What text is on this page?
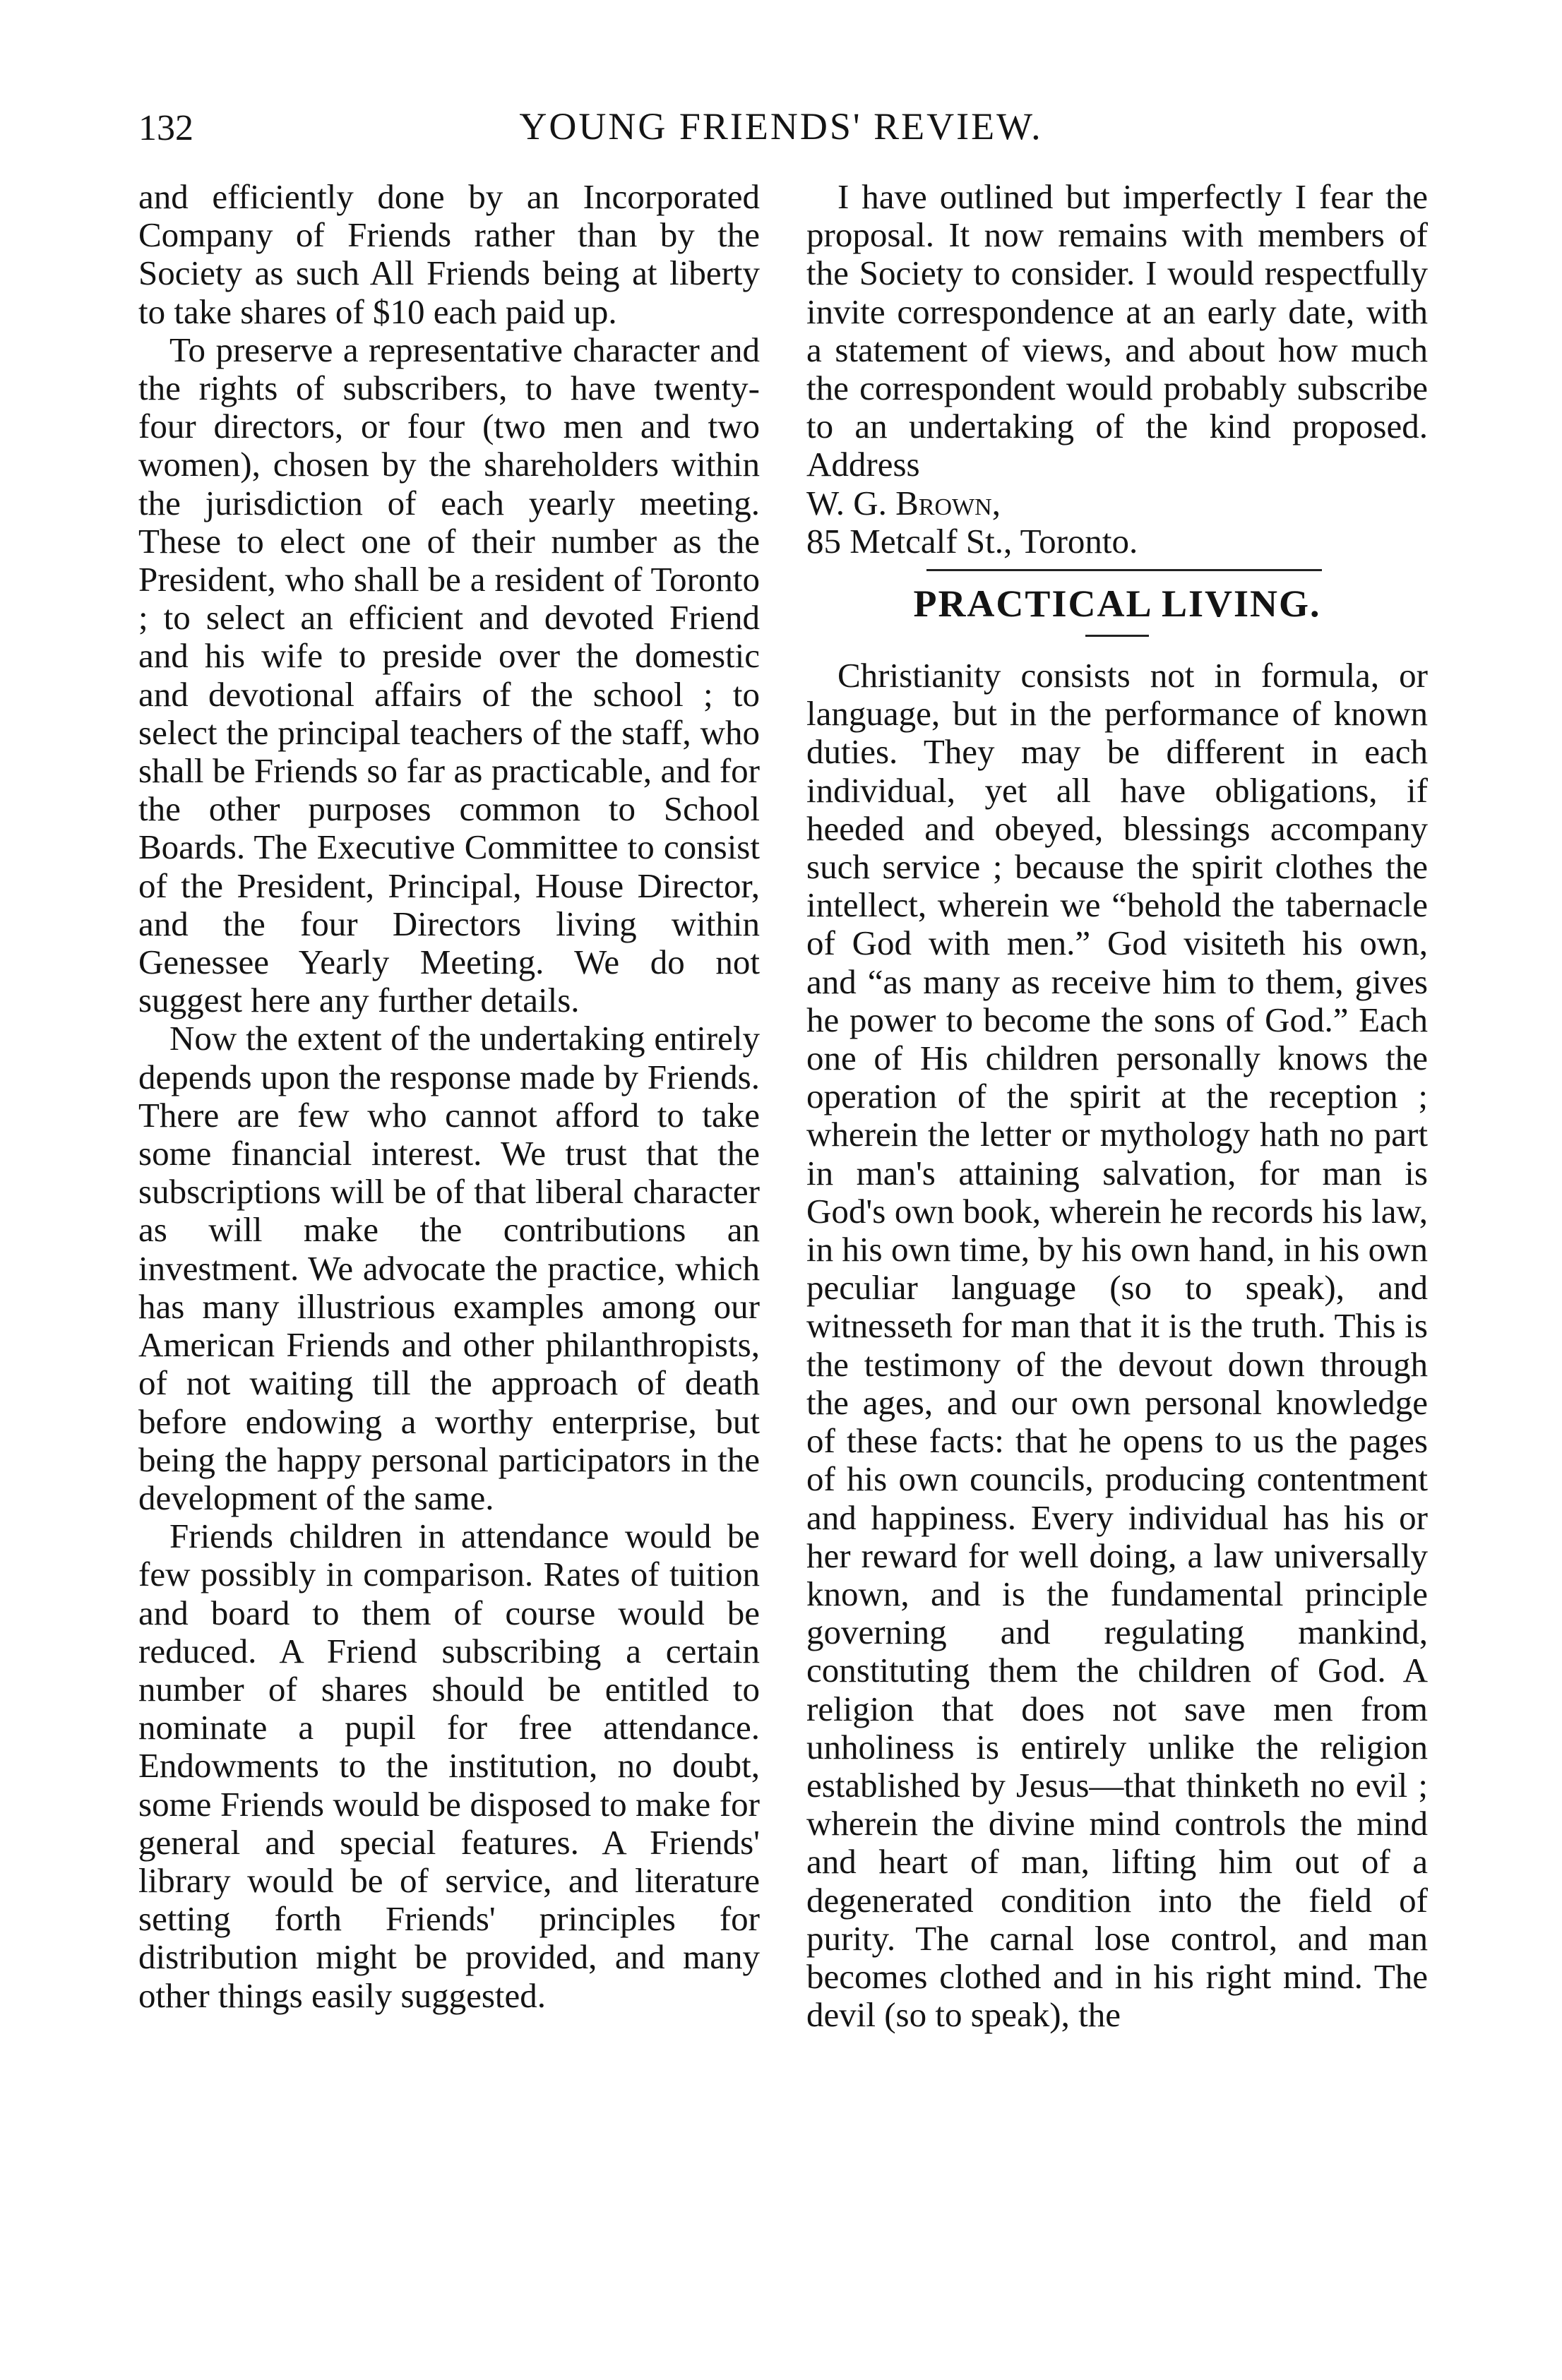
132	YOUNG FRIENDS' REVIEW.

and efficiently done by an Incorporated Company of Friends rather than by the Society as such All Friends being at liberty to take shares of $10 each paid up.

To preserve a representative character and the rights of subscribers, to have twenty-four directors, or four (two men and two women), chosen by the shareholders within the jurisdiction of each yearly meeting. These to elect one of their number as the President, who shall be a resident of Toronto ; to select an efficient and devoted Friend and his wife to preside over the domestic and devotional affairs of the school ; to select the principal teachers of the staff, who shall be Friends so far as practicable, and for the other purposes common to School Boards. The Executive Committee to consist of the President, Principal, House Director, and the four Directors living within Genessee Yearly Meeting. We do not suggest here any further details.

Now the extent of the undertaking entirely depends upon the response made by Friends. There are few who cannot afford to take some financial interest. We trust that the subscriptions will be of that liberal character as will make the contributions an investment. We advocate the practice, which has many illustrious examples among our American Friends and other philanthropists, of not waiting till the approach of death before endowing a worthy enterprise, but being the happy personal participators in the development of the same.

Friends children in attendance would be few possibly in comparison. Rates of tuition and board to them of course would be reduced. A Friend subscribing a certain number of shares should be entitled to nominate a pupil for free attendance. Endowments to the institution, no doubt, some Friends would be disposed to make for general and special features. A Friends' library would be of service, and literature setting forth Friends' principles for distribution might be provided, and many other things easily suggested.

I have outlined but imperfectly I fear the proposal. It now remains with members of the Society to consider. I would respectfully invite correspondence at an early date, with a statement of views, and about how much the correspondent would probably subscribe to an undertaking of the kind proposed. Address

W. G. Brown,

85 Metcalf St., Toronto.

PRACTICAL LIVING.

Christianity consists not in formula, or language, but in the performance of known duties. They may be different in each individual, yet all have obligations, if heeded and obeyed, blessings accompany such service ; because the spirit clothes the intellect, wherein we “behold the tabernacle of God with men.” God visiteth his own, and “as many as receive him to them, gives he power to become the sons of God.” Each one of His children personally knows the operation of the spirit at the reception ; wherein the letter or mythology hath no part in man's attaining salvation, for man is God's own book, wherein he records his law, in his own time, by his own hand, in his own peculiar language (so to speak), and witnesseth for man that it is the truth. This is the testimony of the devout down through the ages, and our own personal knowledge of these facts: that he opens to us the pages of his own councils, producing contentment and happiness. Every individual has his or her reward for well doing, a law universally known, and is the fundamental principle governing and regulating mankind, constituting them the children of God. A religion that does not save men from unholiness is entirely unlike the religion established by Jesus—that thinketh no evil ; wherein the divine mind controls the mind and heart of man, lifting him out of a degenerated condition into the field of purity. The carnal lose control, and man becomes clothed and in his right mind. The devil (so to speak), the
